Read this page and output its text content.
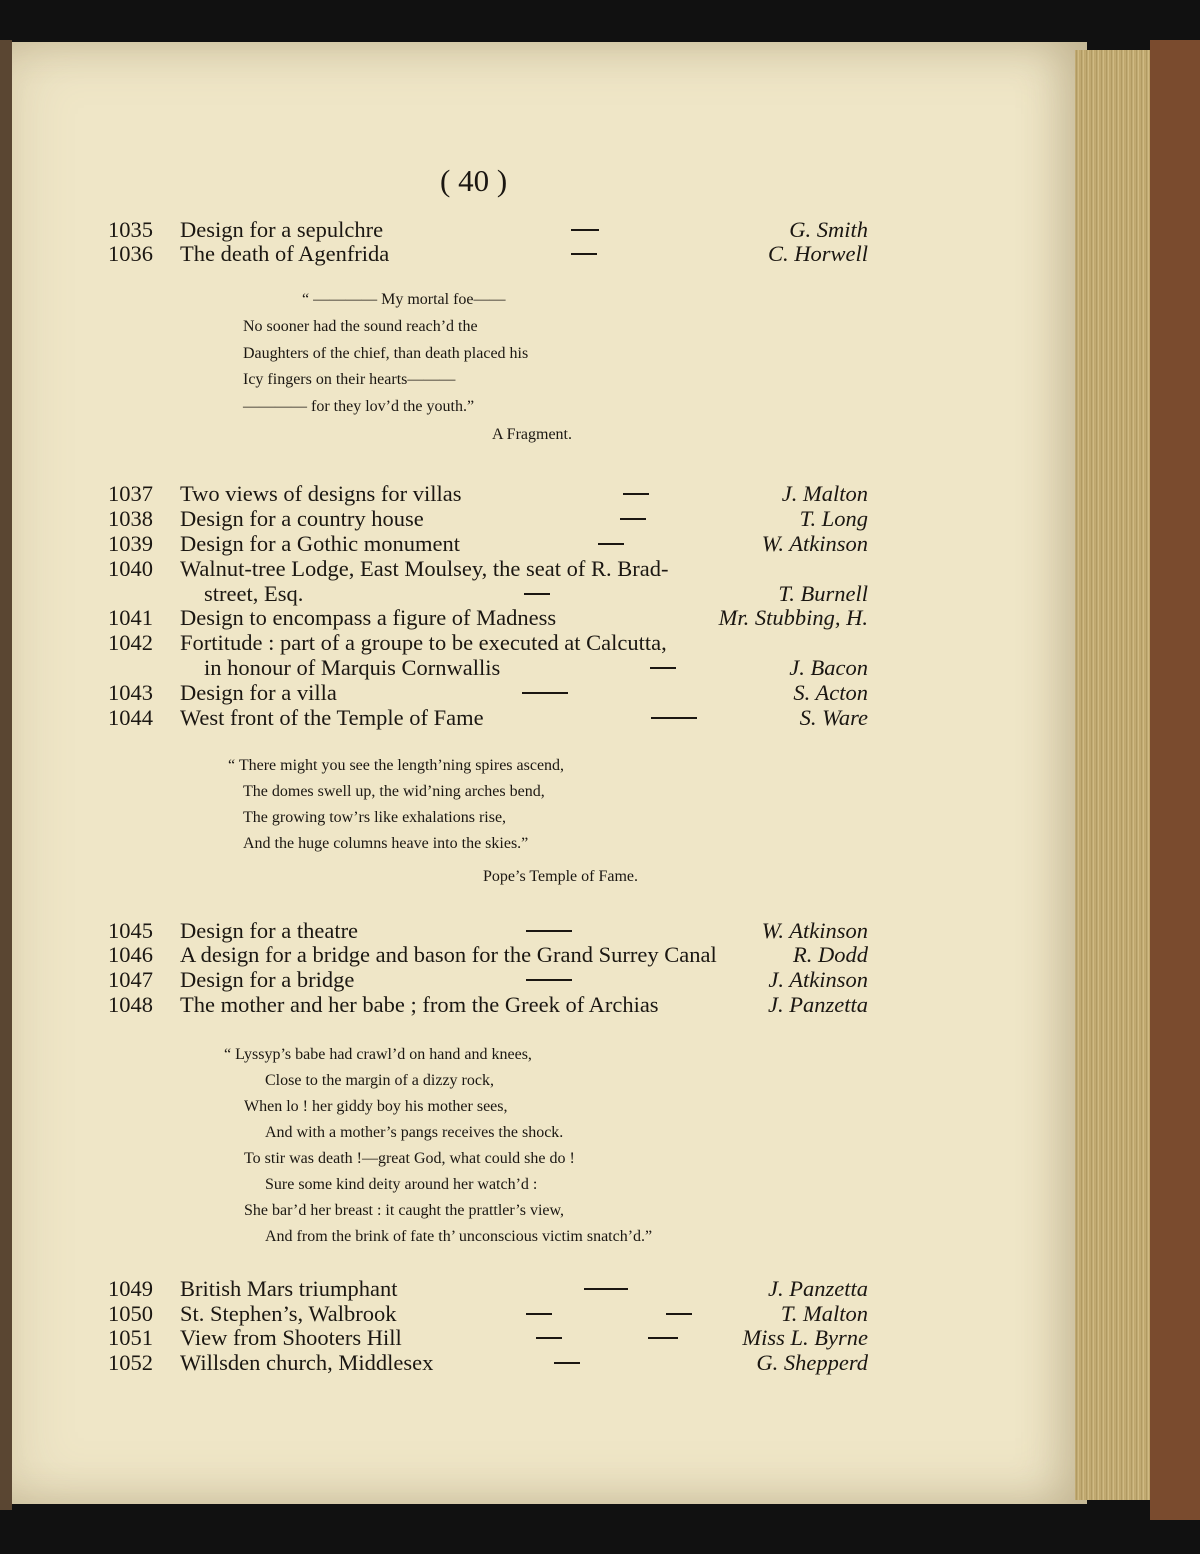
( 40 )
1035 Design for a sepulchre	G. Smith
1036 The death of Agenfrida	C. Horwell
“ ———— My mortal foe——
No sooner had the sound reach’d the
Daughters of the chief, than death placed his
Icy fingers on their hearts———
———— for they lov’d the youth.”
A Fragment.
1037 Two views of designs for villas	J. Malton
1038 Design for a country house	T. Long
1039 Design for a Gothic monument	W. Atkinson
1040 Walnut-tree Lodge, East Moulsey, the seat of R. Brad-
street, Esq.	T. Burnell
1041 Design to encompass a figure of Madness	Mr. Stubbing, H.
1042 Fortitude : part of a groupe to be executed at Calcutta,
in honour of Marquis Cornwallis	J. Bacon
1043 Design for a villa	S. Acton
1044 West front of the Temple of Fame	S. Ware
“ There might you see the length’ning spires ascend,
The domes swell up, the wid’ning arches bend,
The growing tow’rs like exhalations rise,
And the huge columns heave into the skies.”
Pope’s Temple of Fame.
1045 Design for a theatre	W. Atkinson
1046 A design for a bridge and bason for the Grand Surrey Canal	R. Dodd
1047 Design for a bridge	J. Atkinson
1048 The mother and her babe ; from the Greek of Archias	J. Panzetta
“ Lyssyp’s babe had crawl’d on hand and knees,
Close to the margin of a dizzy rock,
When lo ! her giddy boy his mother sees,
And with a mother’s pangs receives the shock.
To stir was death !—great God, what could she do !
Sure some kind deity around her watch’d :
She bar’d her breast : it caught the prattler’s view,
And from the brink of fate th’ unconscious victim snatch’d.”
1049 British Mars triumphant	J. Panzetta
1050 St. Stephen’s, Walbrook	T. Malton
1051 View from Shooters Hill	Miss L. Byrne
1052 Willsden church, Middlesex	G. Shepperd
